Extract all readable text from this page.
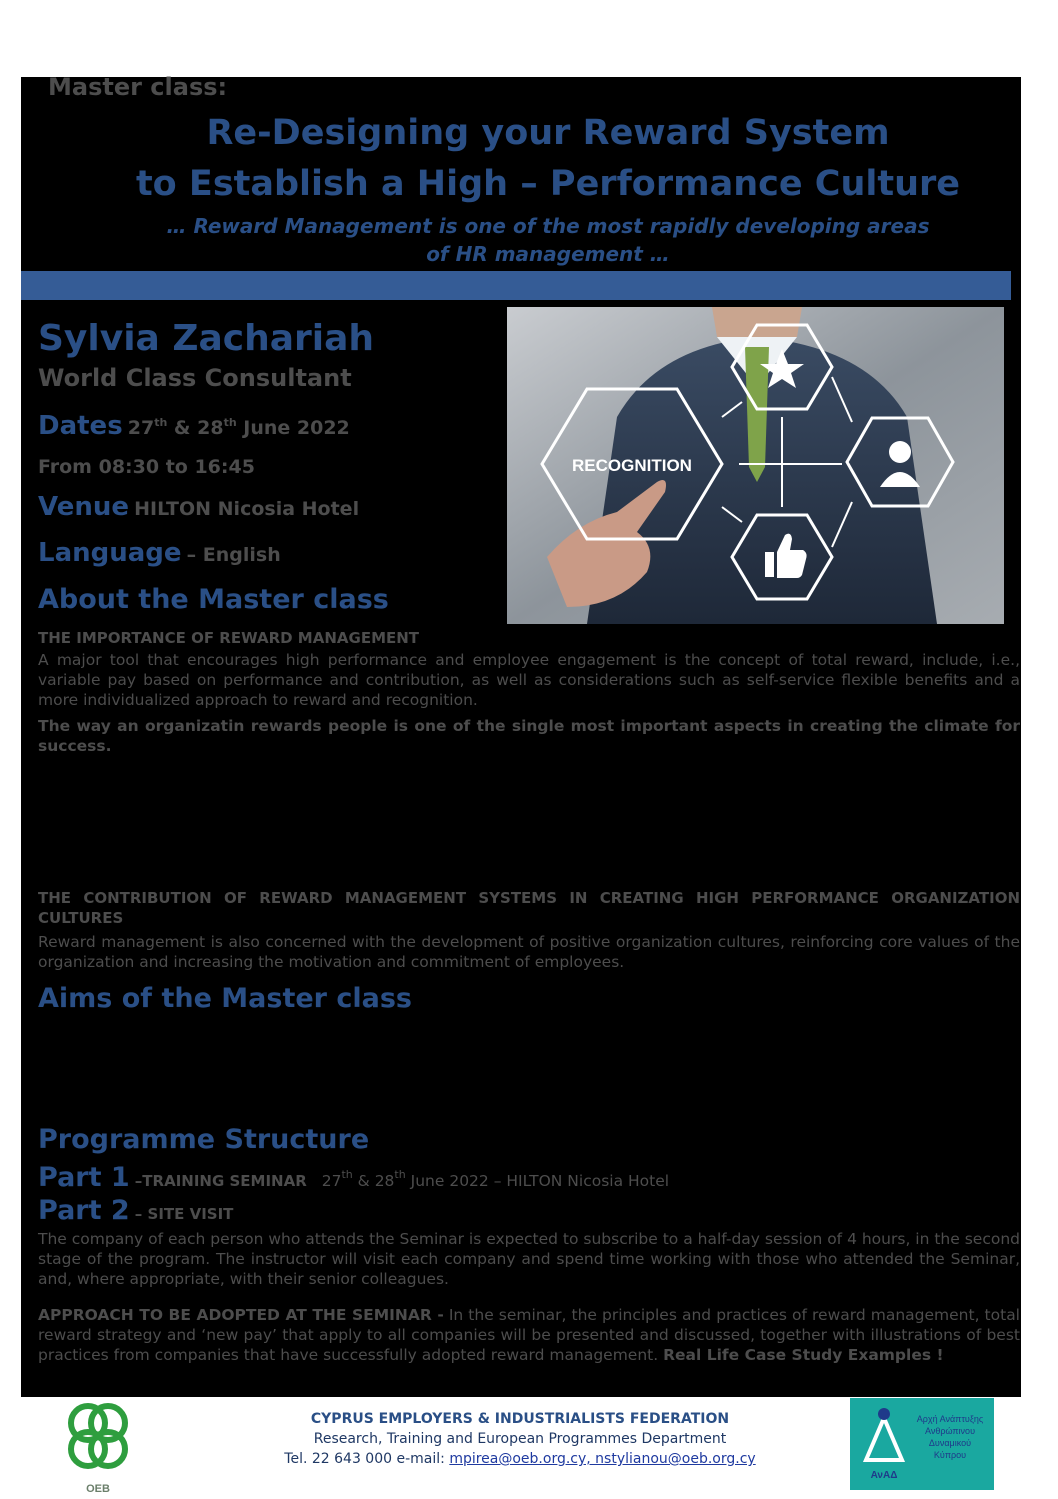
Master class:
Re-Designing your Reward System
to Establish a High – Performance Culture
… Reward Management is one of the most rapidly developing areas
of HR management …
Sylvia Zachariah
World Class Consultant
Dates 27th & 28th June 2022
From 08:30 to 16:45
Venue HILTON Nicosia Hotel
Language – English
RECOGNITION
About the Master class
THE IMPORTANCE OF REWARD MANAGEMENT
A major tool that encourages high performance and employee engagement is the concept of total reward, include, i.e., variable pay based on performance and contribution, as well as considerations such as self-service flexible benefits and a more individualized approach to reward and recognition.
The way an organizatin rewards people is one of the single most important aspects in creating the climate for success.
THE CONTRIBUTION OF REWARD MANAGEMENT SYSTEMS IN CREATING HIGH PERFORMANCE ORGANIZATION CULTURES
Reward management is also concerned with the development of positive organization cultures, reinforcing core values of the organization and increasing the motivation and commitment of employees.
Aims of the Master class
Programme Structure
Part 1 –TRAINING SEMINAR 27th & 28th June 2022 – HILTON Nicosia Hotel
Part 2 – SITE VISIT
The company of each person who attends the Seminar is expected to subscribe to a half-day session of 4 hours, in the second stage of the program. The instructor will visit each company and spend time working with those who attended the Seminar, and, where appropriate, with their senior colleagues.
APPROACH TO BE ADOPTED AT THE SEMINAR - In the seminar, the principles and practices of reward management, total reward strategy and ‘new pay’ that apply to all companies will be presented and discussed, together with illustrations of best practices from companies that have successfully adopted reward management. Real Life Case Study Examples !
OEB
CYPRUS EMPLOYERS & INDUSTRIALISTS FEDERATION
Research, Training and European Programmes Department
Tel. 22 643 000 e-mail: mpirea@oeb.org.cy, nstylianou@oeb.org.cy
ΑνΑΔ
Αρχή Ανάπτυξης
Ανθρώπινου
Δυναμικού
Κύπρου
